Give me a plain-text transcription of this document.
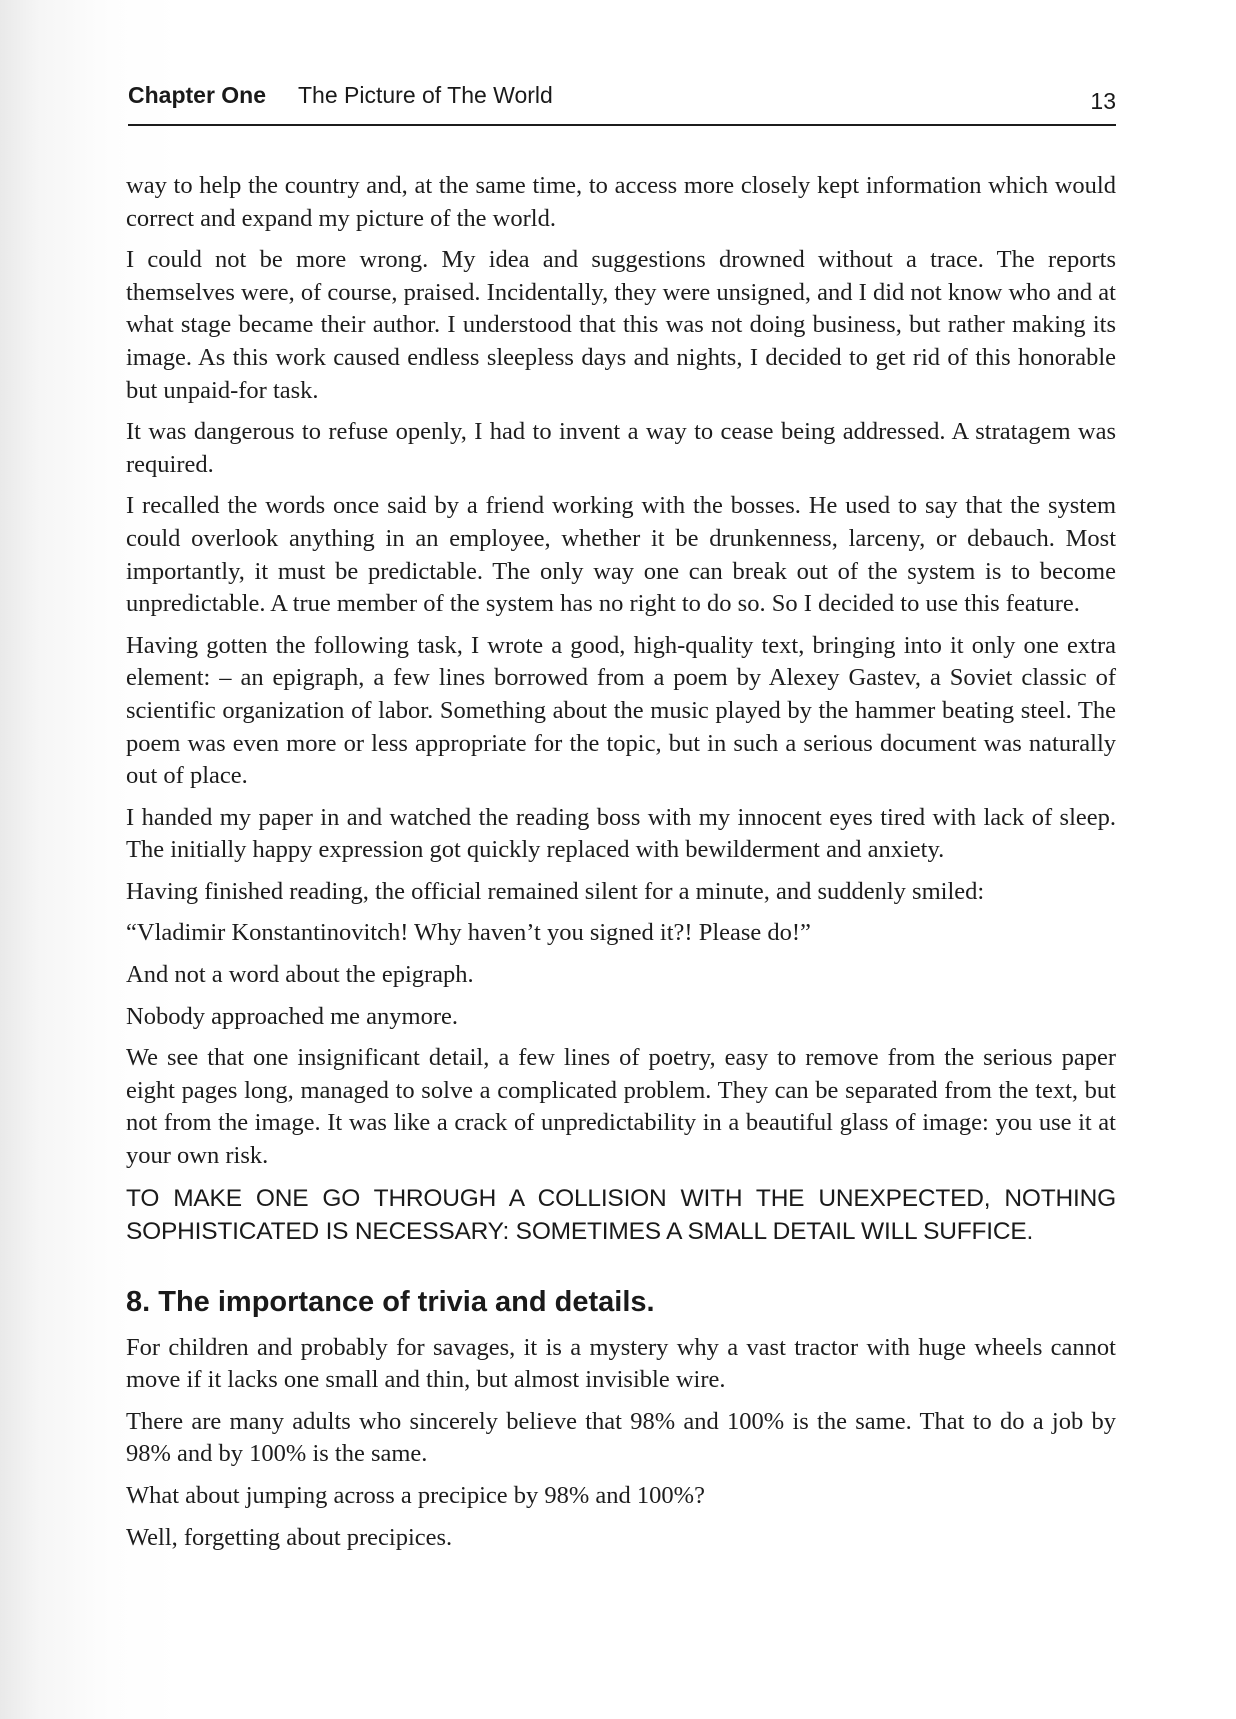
Chapter One The Picture of The World	13

way to help the country and, at the same time, to access more closely kept information which would correct and expand my picture of the world.

I could not be more wrong. My idea and suggestions drowned without a trace. The reports themselves were, of course, praised. Incidentally, they were unsigned, and I did not know who and at what stage became their author. I understood that this was not doing business, but rather making its image. As this work caused endless sleepless days and nights, I decided to get rid of this honorable but unpaid-for task.

It was dangerous to refuse openly, I had to invent a way to cease being addressed. A stratagem was required.

I recalled the words once said by a friend working with the bosses. He used to say that the system could overlook anything in an employee, whether it be drunkenness, larceny, or debauch. Most importantly, it must be predictable. The only way one can break out of the system is to become unpredictable. A true member of the system has no right to do so. So I decided to use this feature.

Having gotten the following task, I wrote a good, high-quality text, bringing into it only one extra element: – an epigraph, a few lines borrowed from a poem by Alexey Gastev, a Soviet classic of scientific organization of labor. Something about the music played by the hammer beating steel. The poem was even more or less appropriate for the topic, but in such a serious document was naturally out of place.

I handed my paper in and watched the reading boss with my innocent eyes tired with lack of sleep. The initially happy expression got quickly replaced with bewilderment and anxiety.

Having finished reading, the official remained silent for a minute, and suddenly smiled:

“Vladimir Konstantinovitch! Why haven’t you signed it?! Please do!”

And not a word about the epigraph.

Nobody approached me anymore.

We see that one insignificant detail, a few lines of poetry, easy to remove from the serious paper eight pages long, managed to solve a complicated problem. They can be separated from the text, but not from the image. It was like a crack of unpredictability in a beautiful glass of image: you use it at your own risk.

TO MAKE ONE GO THROUGH A COLLISION WITH THE UNEXPECTED, NOTHING SOPHISTICATED IS NECESSARY: SOMETIMES A SMALL DETAIL WILL SUFFICE.

8. The importance of trivia and details.

For children and probably for savages, it is a mystery why a vast tractor with huge wheels cannot move if it lacks one small and thin, but almost invisible wire.

There are many adults who sincerely believe that 98% and 100% is the same. That to do a job by 98% and by 100% is the same.

What about jumping across a precipice by 98% and 100%?

Well, forgetting about precipices.
